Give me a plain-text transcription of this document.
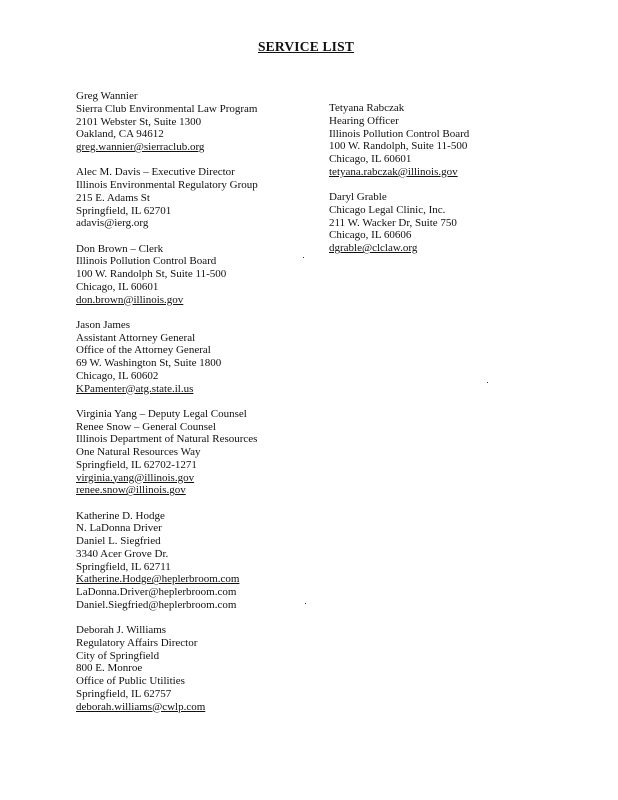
SERVICE LIST
Greg Wannier
Sierra Club Environmental Law Program
2101 Webster St, Suite 1300
Oakland, CA 94612
greg.wannier@sierraclub.org
Alec M. Davis – Executive Director
Illinois Environmental Regulatory Group
215 E. Adams St
Springfield, IL 62701
adavis@ierg.org
Don Brown – Clerk
Illinois Pollution Control Board
100 W. Randolph St, Suite 11-500
Chicago, IL 60601
don.brown@illinois.gov
Jason James
Assistant Attorney General
Office of the Attorney General
69 W. Washington St, Suite 1800
Chicago, IL 60602
KPamenter@atg.state.il.us
Virginia Yang – Deputy Legal Counsel
Renee Snow – General Counsel
Illinois Department of Natural Resources
One Natural Resources Way
Springfield, IL 62702-1271
virginia.yang@illinois.gov
renee.snow@illinois.gov
Katherine D. Hodge
N. LaDonna Driver
Daniel L. Siegfried
3340 Acer Grove Dr.
Springfield, IL 62711
Katherine.Hodge@heplerbroom.com
LaDonna.Driver@heplerbroom.com
Daniel.Siegfried@heplerbroom.com
Deborah J. Williams
Regulatory Affairs Director
City of Springfield
800 E. Monroe
Office of Public Utilities
Springfield, IL 62757
deborah.williams@cwlp.com
Tetyana Rabczak
Hearing Officer
Illinois Pollution Control Board
100 W. Randolph, Suite 11-500
Chicago, IL 60601
tetyana.rabczak@illinois.gov
Daryl Grable
Chicago Legal Clinic, Inc.
211 W. Wacker Dr, Suite 750
Chicago, IL 60606
dgrable@clclaw.org
